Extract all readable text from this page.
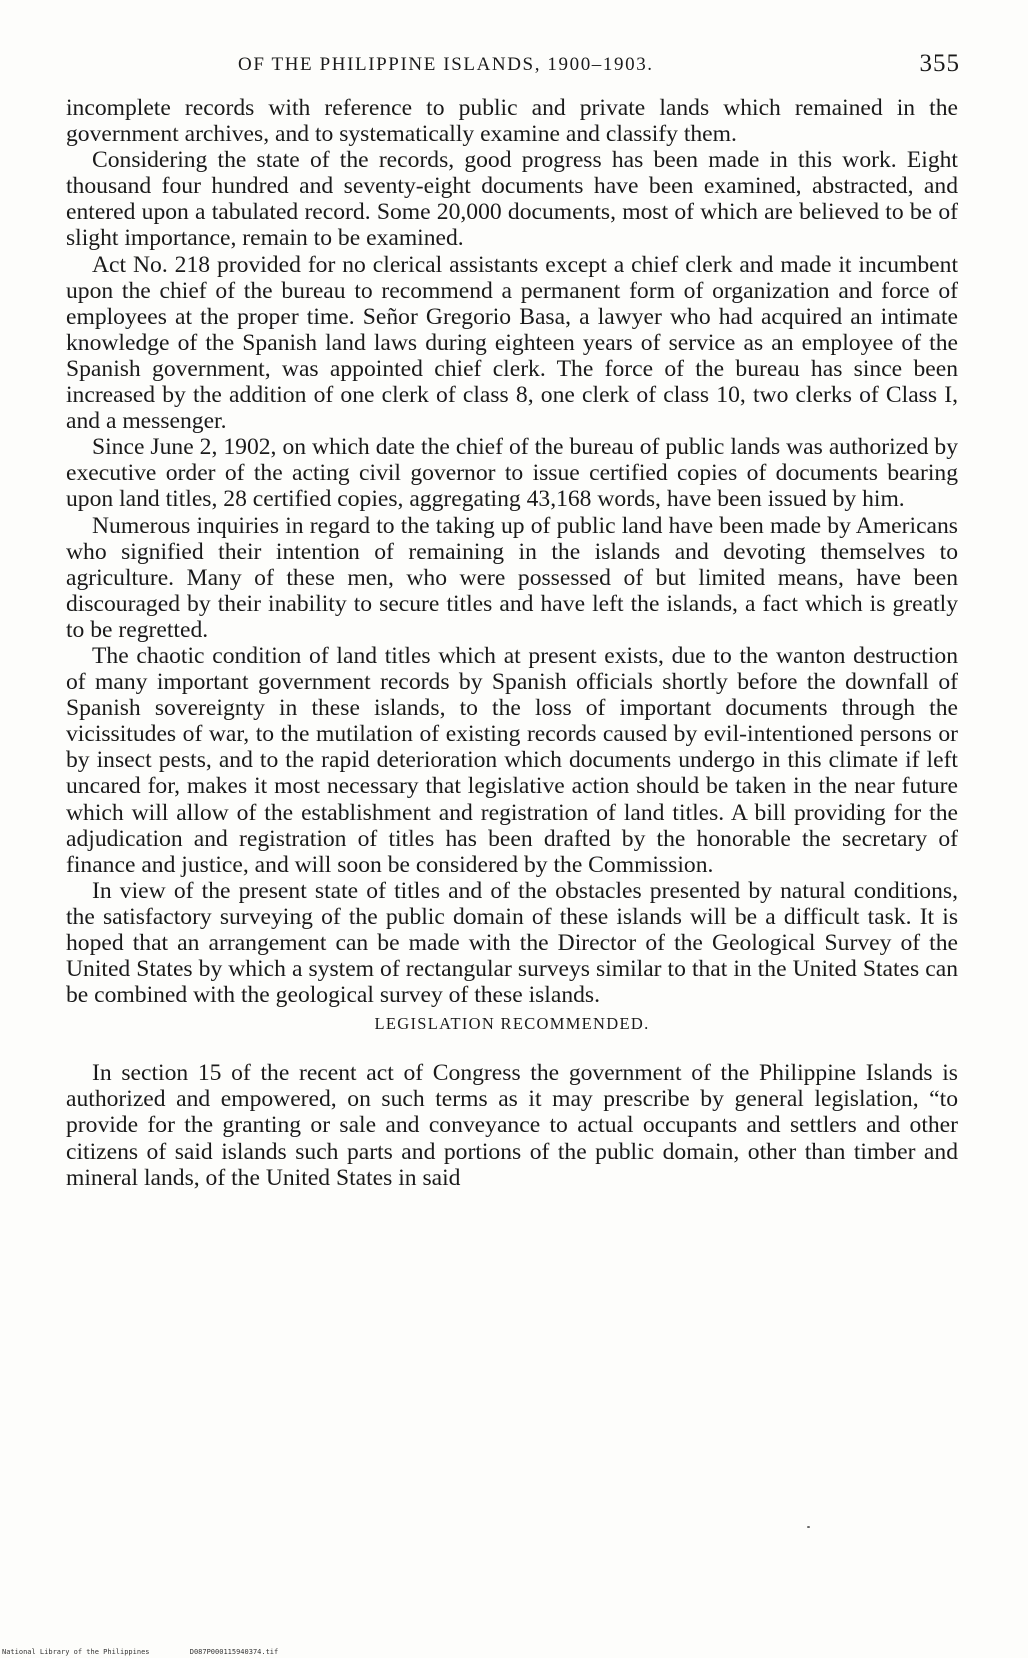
OF THE PHILIPPINE ISLANDS, 1900–1903.	355

incomplete records with reference to public and private lands which remained in the government archives, and to systematically examine and classify them.

Considering the state of the records, good progress has been made in this work. Eight thousand four hundred and seventy-eight documents have been examined, abstracted, and entered upon a tabulated record. Some 20,000 documents, most of which are believed to be of slight importance, remain to be examined.

Act No. 218 provided for no clerical assistants except a chief clerk and made it incumbent upon the chief of the bureau to recommend a permanent form of organization and force of employees at the proper time. Señor Gregorio Basa, a lawyer who had acquired an intimate knowledge of the Spanish land laws during eighteen years of service as an employee of the Spanish government, was appointed chief clerk. The force of the bureau has since been increased by the addition of one clerk of class 8, one clerk of class 10, two clerks of Class I, and a messenger.

Since June 2, 1902, on which date the chief of the bureau of public lands was authorized by executive order of the acting civil governor to issue certified copies of documents bearing upon land titles, 28 certified copies, aggregating 43,168 words, have been issued by him.

Numerous inquiries in regard to the taking up of public land have been made by Americans who signified their intention of remaining in the islands and devoting themselves to agriculture. Many of these men, who were possessed of but limited means, have been discouraged by their inability to secure titles and have left the islands, a fact which is greatly to be regretted.

The chaotic condition of land titles which at present exists, due to the wanton destruction of many important government records by Spanish officials shortly before the downfall of Spanish sovereignty in these islands, to the loss of important documents through the vicissitudes of war, to the mutilation of existing records caused by evil-intentioned persons or by insect pests, and to the rapid deterioration which documents undergo in this climate if left uncared for, makes it most necessary that legislative action should be taken in the near future which will allow of the establishment and registration of land titles. A bill providing for the adjudication and registration of titles has been drafted by the honorable the secretary of finance and justice, and will soon be considered by the Commission.

In view of the present state of titles and of the obstacles presented by natural conditions, the satisfactory surveying of the public domain of these islands will be a difficult task. It is hoped that an arrangement can be made with the Director of the Geological Survey of the United States by which a system of rectangular surveys similar to that in the United States can be combined with the geological survey of these islands.

LEGISLATION RECOMMENDED.

In section 15 of the recent act of Congress the government of the Philippine Islands is authorized and empowered, on such terms as it may prescribe by general legislation, “to provide for the granting or sale and conveyance to actual occupants and settlers and other citizens of said islands such parts and portions of the public domain, other than timber and mineral lands, of the United States in said

National Library of the Philippines	D087P000115940374.tif
